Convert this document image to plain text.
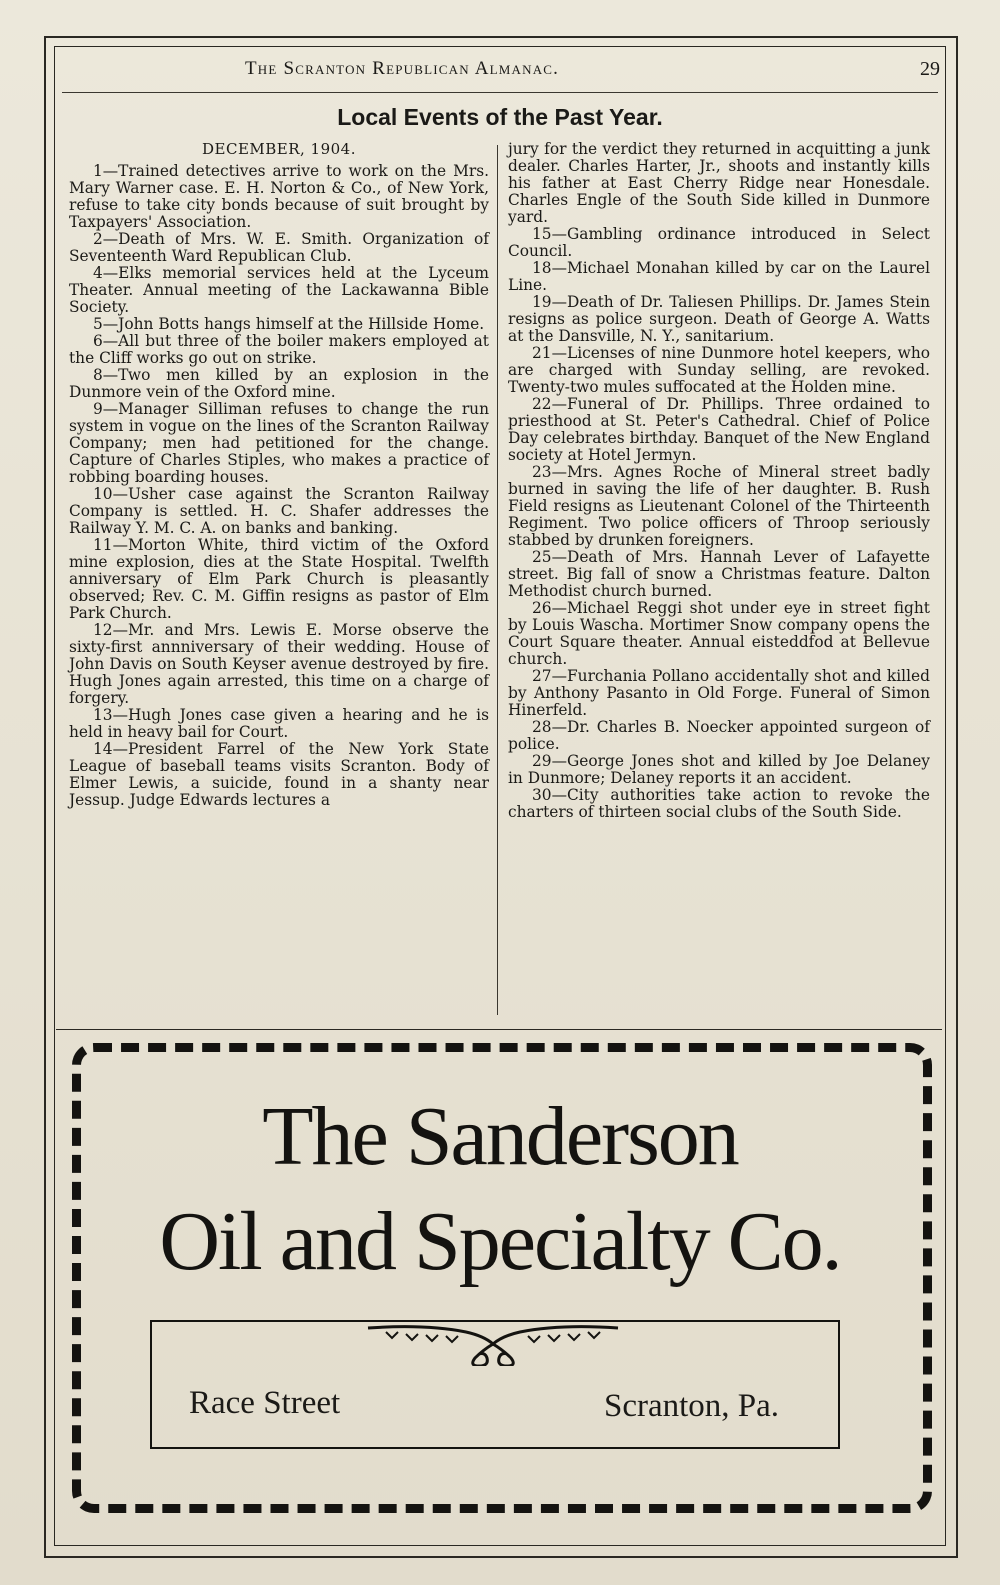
The Scranton Republican Almanac.	29
Local Events of the Past Year.
DECEMBER, 1904.

1—Trained detectives arrive to work on the Mrs. Mary Warner case. E. H. Norton & Co., of New York, refuse to take city bonds because of suit brought by Taxpayers' Association.

2—Death of Mrs. W. E. Smith. Organization of Seventeenth Ward Republican Club.

4—Elks memorial services held at the Lyceum Theater. Annual meeting of the Lackawanna Bible Society.

5—John Botts hangs himself at the Hillside Home.

6—All but three of the boiler makers employed at the Cliff works go out on strike.

8—Two men killed by an explosion in the Dunmore vein of the Oxford mine.

9—Manager Silliman refuses to change the run system in vogue on the lines of the Scranton Railway Company; men had petitioned for the change. Capture of Charles Stiples, who makes a practice of robbing boarding houses.

10—Usher case against the Scranton Railway Company is settled. H. C. Shafer addresses the Railway Y. M. C. A. on banks and banking.

11—Morton White, third victim of the Oxford mine explosion, dies at the State Hospital. Twelfth anniversary of Elm Park Church is pleasantly observed; Rev. C. M. Giffin resigns as pastor of Elm Park Church.

12—Mr. and Mrs. Lewis E. Morse observe the sixty-first annniversary of their wedding. House of John Davis on South Keyser avenue destroyed by fire. Hugh Jones again arrested, this time on a charge of forgery.

13—Hugh Jones case given a hearing and he is held in heavy bail for Court.

14—President Farrel of the New York State League of baseball teams visits Scranton. Body of Elmer Lewis, a suicide, found in a shanty near Jessup. Judge Edwards lectures a

jury for the verdict they returned in acquitting a junk dealer. Charles Harter, Jr., shoots and instantly kills his father at East Cherry Ridge near Honesdale. Charles Engle of the South Side killed in Dunmore yard.

15—Gambling ordinance introduced in Select Council.

18—Michael Monahan killed by car on the Laurel Line.

19—Death of Dr. Taliesen Phillips. Dr. James Stein resigns as police surgeon. Death of George A. Watts at the Dansville, N. Y., sanitarium.

21—Licenses of nine Dunmore hotel keepers, who are charged with Sunday selling, are revoked. Twenty-two mules suffocated at the Holden mine.

22—Funeral of Dr. Phillips. Three ordained to priesthood at St. Peter's Cathedral. Chief of Police Day celebrates birthday. Banquet of the New England society at Hotel Jermyn.

23—Mrs. Agnes Roche of Mineral street badly burned in saving the life of her daughter. B. Rush Field resigns as Lieutenant Colonel of the Thirteenth Regiment. Two police officers of Throop seriously stabbed by drunken foreigners.

25—Death of Mrs. Hannah Lever of Lafayette street. Big fall of snow a Christmas feature. Dalton Methodist church burned.

26—Michael Reggi shot under eye in street fight by Louis Wascha. Mortimer Snow company opens the Court Square theater. Annual eisteddfod at Bellevue church.

27—Furchania Pollano accidentally shot and killed by Anthony Pasanto in Old Forge. Funeral of Simon Hinerfeld.

28—Dr. Charles B. Noecker appointed surgeon of police.

29—George Jones shot and killed by Joe Delaney in Dunmore; Delaney reports it an accident.

30—City authorities take action to revoke the charters of thirteen social clubs of the South Side.

The Sanderson
Oil and Specialty Co.
Race Street	Scranton, Pa.
